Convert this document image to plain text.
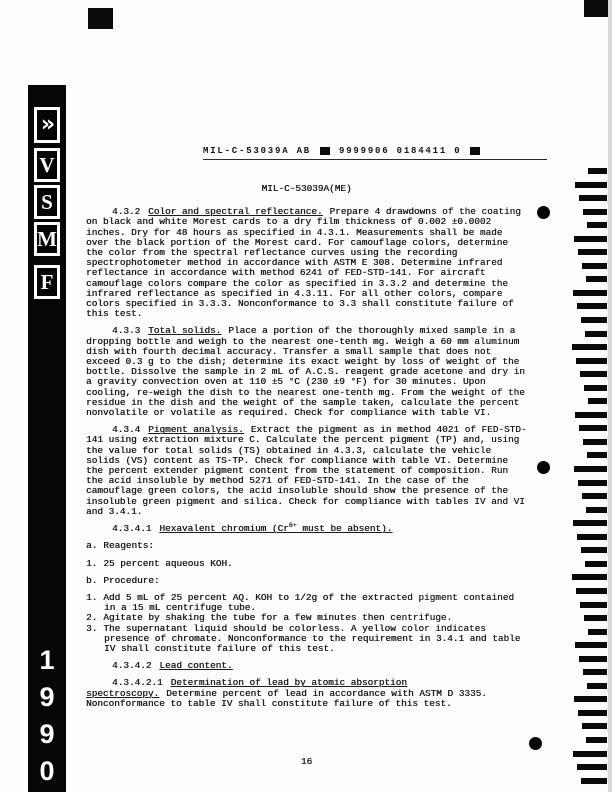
»
V
S
M
F
1
9
9
0
MIL-C-53039A AB	9999906 0184411 0
MIL-C-53039A(ME)

4.3.2 Color and spectral reflectance. Prepare 4 drawdowns of the coating on black and white Morest cards to a dry film thickness of 0.002 ±0.0002 inches. Dry for 48 hours as specified in 4.3.1. Measurements shall be made over the black portion of the Morest card. For camouflage colors, determine the color from the spectral reflectance curves using the recording spectrophotometer method in accordance with ASTM E 308. Determine infrared reflectance in accordance with method 6241 of FED-STD-141. For aircraft camouflage colors compare the color as specified in 3.3.2 and determine the infrared reflectance as specified in 4.3.11. For all other colors, compare colors specified in 3.3.3. Nonconformance to 3.3 shall constitute failure of this test.

4.3.3 Total solids. Place a portion of the thoroughly mixed sample in a dropping bottle and weigh to the nearest one-tenth mg. Weigh a 60 mm aluminum dish with fourth decimal accuracy. Transfer a small sample that does not exceed 0.3 g to the dish; determine its exact weight by loss of weight of the bottle. Dissolve the sample in 2 mL of A.C.S. reagent grade acetone and dry in a gravity convection oven at 110 ±5 °C (230 ±9 °F) for 30 minutes. Upon cooling, re-weigh the dish to the nearest one-tenth mg. From the weight of the residue in the dish and the weight of the sample taken, calculate the percent nonvolatile or volatile as required. Check for compliance with table VI.

4.3.4 Pigment analysis. Extract the pigment as in method 4021 of FED-STD-141 using extraction mixture C. Calculate the percent pigment (TP) and, using the value for total solids (TS) obtained in 4.3.3, calculate the vehicle solids (VS) content as TS-TP. Check for compliance with table VI. Determine the percent extender pigment content from the statement of composition. Run the acid insoluble by method 5271 of FED-STD-141. In the case of the camouflage green colors, the acid insoluble should show the presence of the insoluble green pigment and silica. Check for compliance with tables IV and VI and 3.4.1.

4.3.4.1 Hexavalent chromium ($Cr^{6+}$ must be absent).

a. Reagents:

1. 25 percent aqueous KOH.

b. Procedure:

1. Add 5 mL of 25 percent AQ. KOH to 1/2g of the extracted pigment contained in a 15 mL centrifuge tube.

2. Agitate by shaking the tube for a few minutes then centrifuge.

3. The supernatant liquid should be colorless. A yellow color indicates presence of chromate. Nonconformance to the requirement in 3.4.1 and table IV shall constitute failure of this test.

4.3.4.2 Lead content.

4.3.4.2.1 Determination of lead by atomic absorption spectroscopy. Determine percent of lead in accordance with ASTM D 3335. Nonconformance to table IV shall constitute failure of this test.

16
